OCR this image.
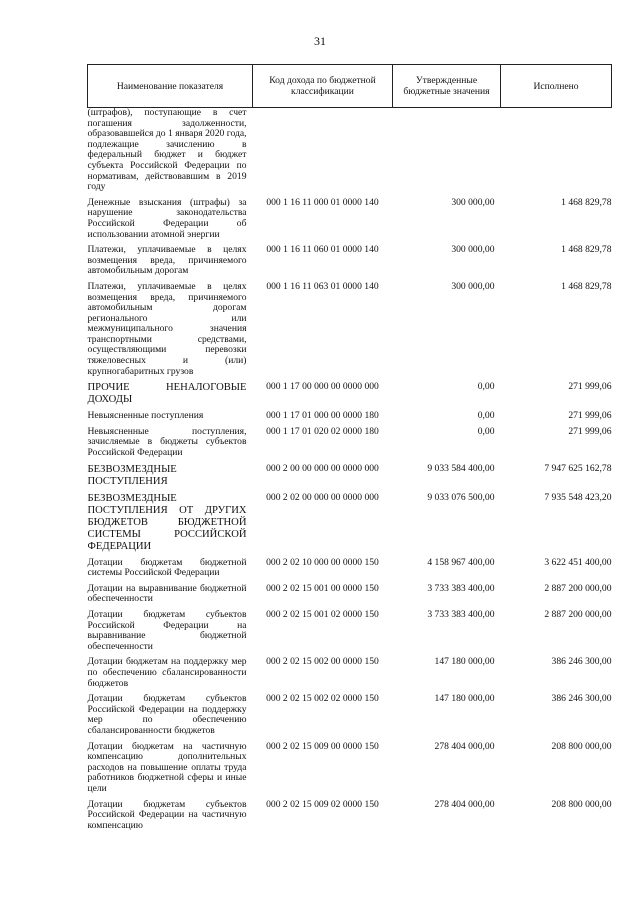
31
Наименование показателя	Код дохода по бюджетной классификации	Утвержденные бюджетные значения	Исполнено
(штрафов), поступающие в счет погашения задолженности, образовавшейся до 1 января 2020 года, подлежащие зачислению в федеральный бюджет и бюджет субъекта Российской Федерации по нормативам, действовавшим в 2019 году			
Денежные взыскания (штрафы) за нарушение законодательства Российской Федерации об использовании атомной энергии	000 1 16 11 000 01 0000 140	300 000,00	1 468 829,78
Платежи, уплачиваемые в целях возмещения вреда, причиняемого автомобильным дорогам	000 1 16 11 060 01 0000 140	300 000,00	1 468 829,78
Платежи, уплачиваемые в целях возмещения вреда, причиняемого автомобильным дорогам регионального или межмуниципального значения транспортными средствами, осуществляющими перевозки тяжеловесных и (или) крупногабаритных грузов	000 1 16 11 063 01 0000 140	300 000,00	1 468 829,78
ПРОЧИЕ НЕНАЛОГОВЫЕ ДОХОДЫ	000 1 17 00 000 00 0000 000	0,00	271 999,06
Невыясненные поступления	000 1 17 01 000 00 0000 180	0,00	271 999,06
Невыясненные поступления, зачисляемые в бюджеты субъектов Российской Федерации	000 1 17 01 020 02 0000 180	0,00	271 999,06
БЕЗВОЗМЕЗДНЫЕ ПОСТУПЛЕНИЯ	000 2 00 00 000 00 0000 000	9 033 584 400,00	7 947 625 162,78
БЕЗВОЗМЕЗДНЫЕ ПОСТУПЛЕНИЯ ОТ ДРУГИХ БЮДЖЕТОВ БЮДЖЕТНОЙ СИСТЕМЫ РОССИЙСКОЙ ФЕДЕРАЦИИ	000 2 02 00 000 00 0000 000	9 033 076 500,00	7 935 548 423,20
Дотации бюджетам бюджетной системы Российской Федерации	000 2 02 10 000 00 0000 150	4 158 967 400,00	3 622 451 400,00
Дотации на выравнивание бюджетной обеспеченности	000 2 02 15 001 00 0000 150	3 733 383 400,00	2 887 200 000,00
Дотации бюджетам субъектов Российской Федерации на выравнивание бюджетной обеспеченности	000 2 02 15 001 02 0000 150	3 733 383 400,00	2 887 200 000,00
Дотации бюджетам на поддержку мер по обеспечению сбалансированности бюджетов	000 2 02 15 002 00 0000 150	147 180 000,00	386 246 300,00
Дотации бюджетам субъектов Российской Федерации на поддержку мер по обеспечению сбалансированности бюджетов	000 2 02 15 002 02 0000 150	147 180 000,00	386 246 300,00
Дотации бюджетам на частичную компенсацию дополнительных расходов на повышение оплаты труда работников бюджетной сферы и иные цели	000 2 02 15 009 00 0000 150	278 404 000,00	208 800 000,00
Дотации бюджетам субъектов Российской Федерации на частичную компенсацию	000 2 02 15 009 02 0000 150	278 404 000,00	208 800 000,00
